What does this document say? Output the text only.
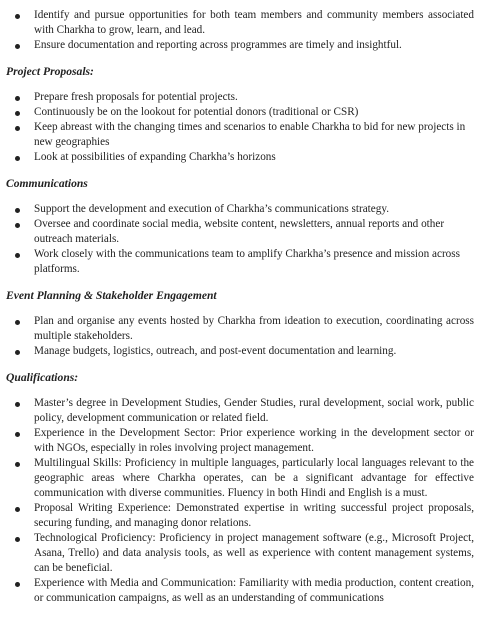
Identify and pursue opportunities for both team members and community members associated with Charkha to grow, learn, and lead.
Ensure documentation and reporting across programmes are timely and insightful.
Project Proposals:
Prepare fresh proposals for potential projects.
Continuously be on the lookout for potential donors (traditional or CSR)
Keep abreast with the changing times and scenarios to enable Charkha to bid for new projects in new geographies
Look at possibilities of expanding Charkha’s horizons
Communications
Support the development and execution of Charkha’s communications strategy.
Oversee and coordinate social media, website content, newsletters, annual reports and other outreach materials.
Work closely with the communications team to amplify Charkha’s presence and mission across platforms.
Event Planning & Stakeholder Engagement
Plan and organise any events hosted by Charkha from ideation to execution, coordinating across multiple stakeholders.
Manage budgets, logistics, outreach, and post-event documentation and learning.
Qualifications:
Master’s degree in Development Studies, Gender Studies, rural development, social work, public policy, development communication or related field.
Experience in the Development Sector: Prior experience working in the development sector or with NGOs, especially in roles involving project management.
Multilingual Skills: Proficiency in multiple languages, particularly local languages relevant to the geographic areas where Charkha operates, can be a significant advantage for effective communication with diverse communities. Fluency in both Hindi and English is a must.
Proposal Writing Experience: Demonstrated expertise in writing successful project proposals, securing funding, and managing donor relations.
Technological Proficiency: Proficiency in project management software (e.g., Microsoft Project, Asana, Trello) and data analysis tools, as well as experience with content management systems, can be beneficial.
Experience with Media and Communication: Familiarity with media production, content creation, or communication campaigns, as well as an understanding of communications
